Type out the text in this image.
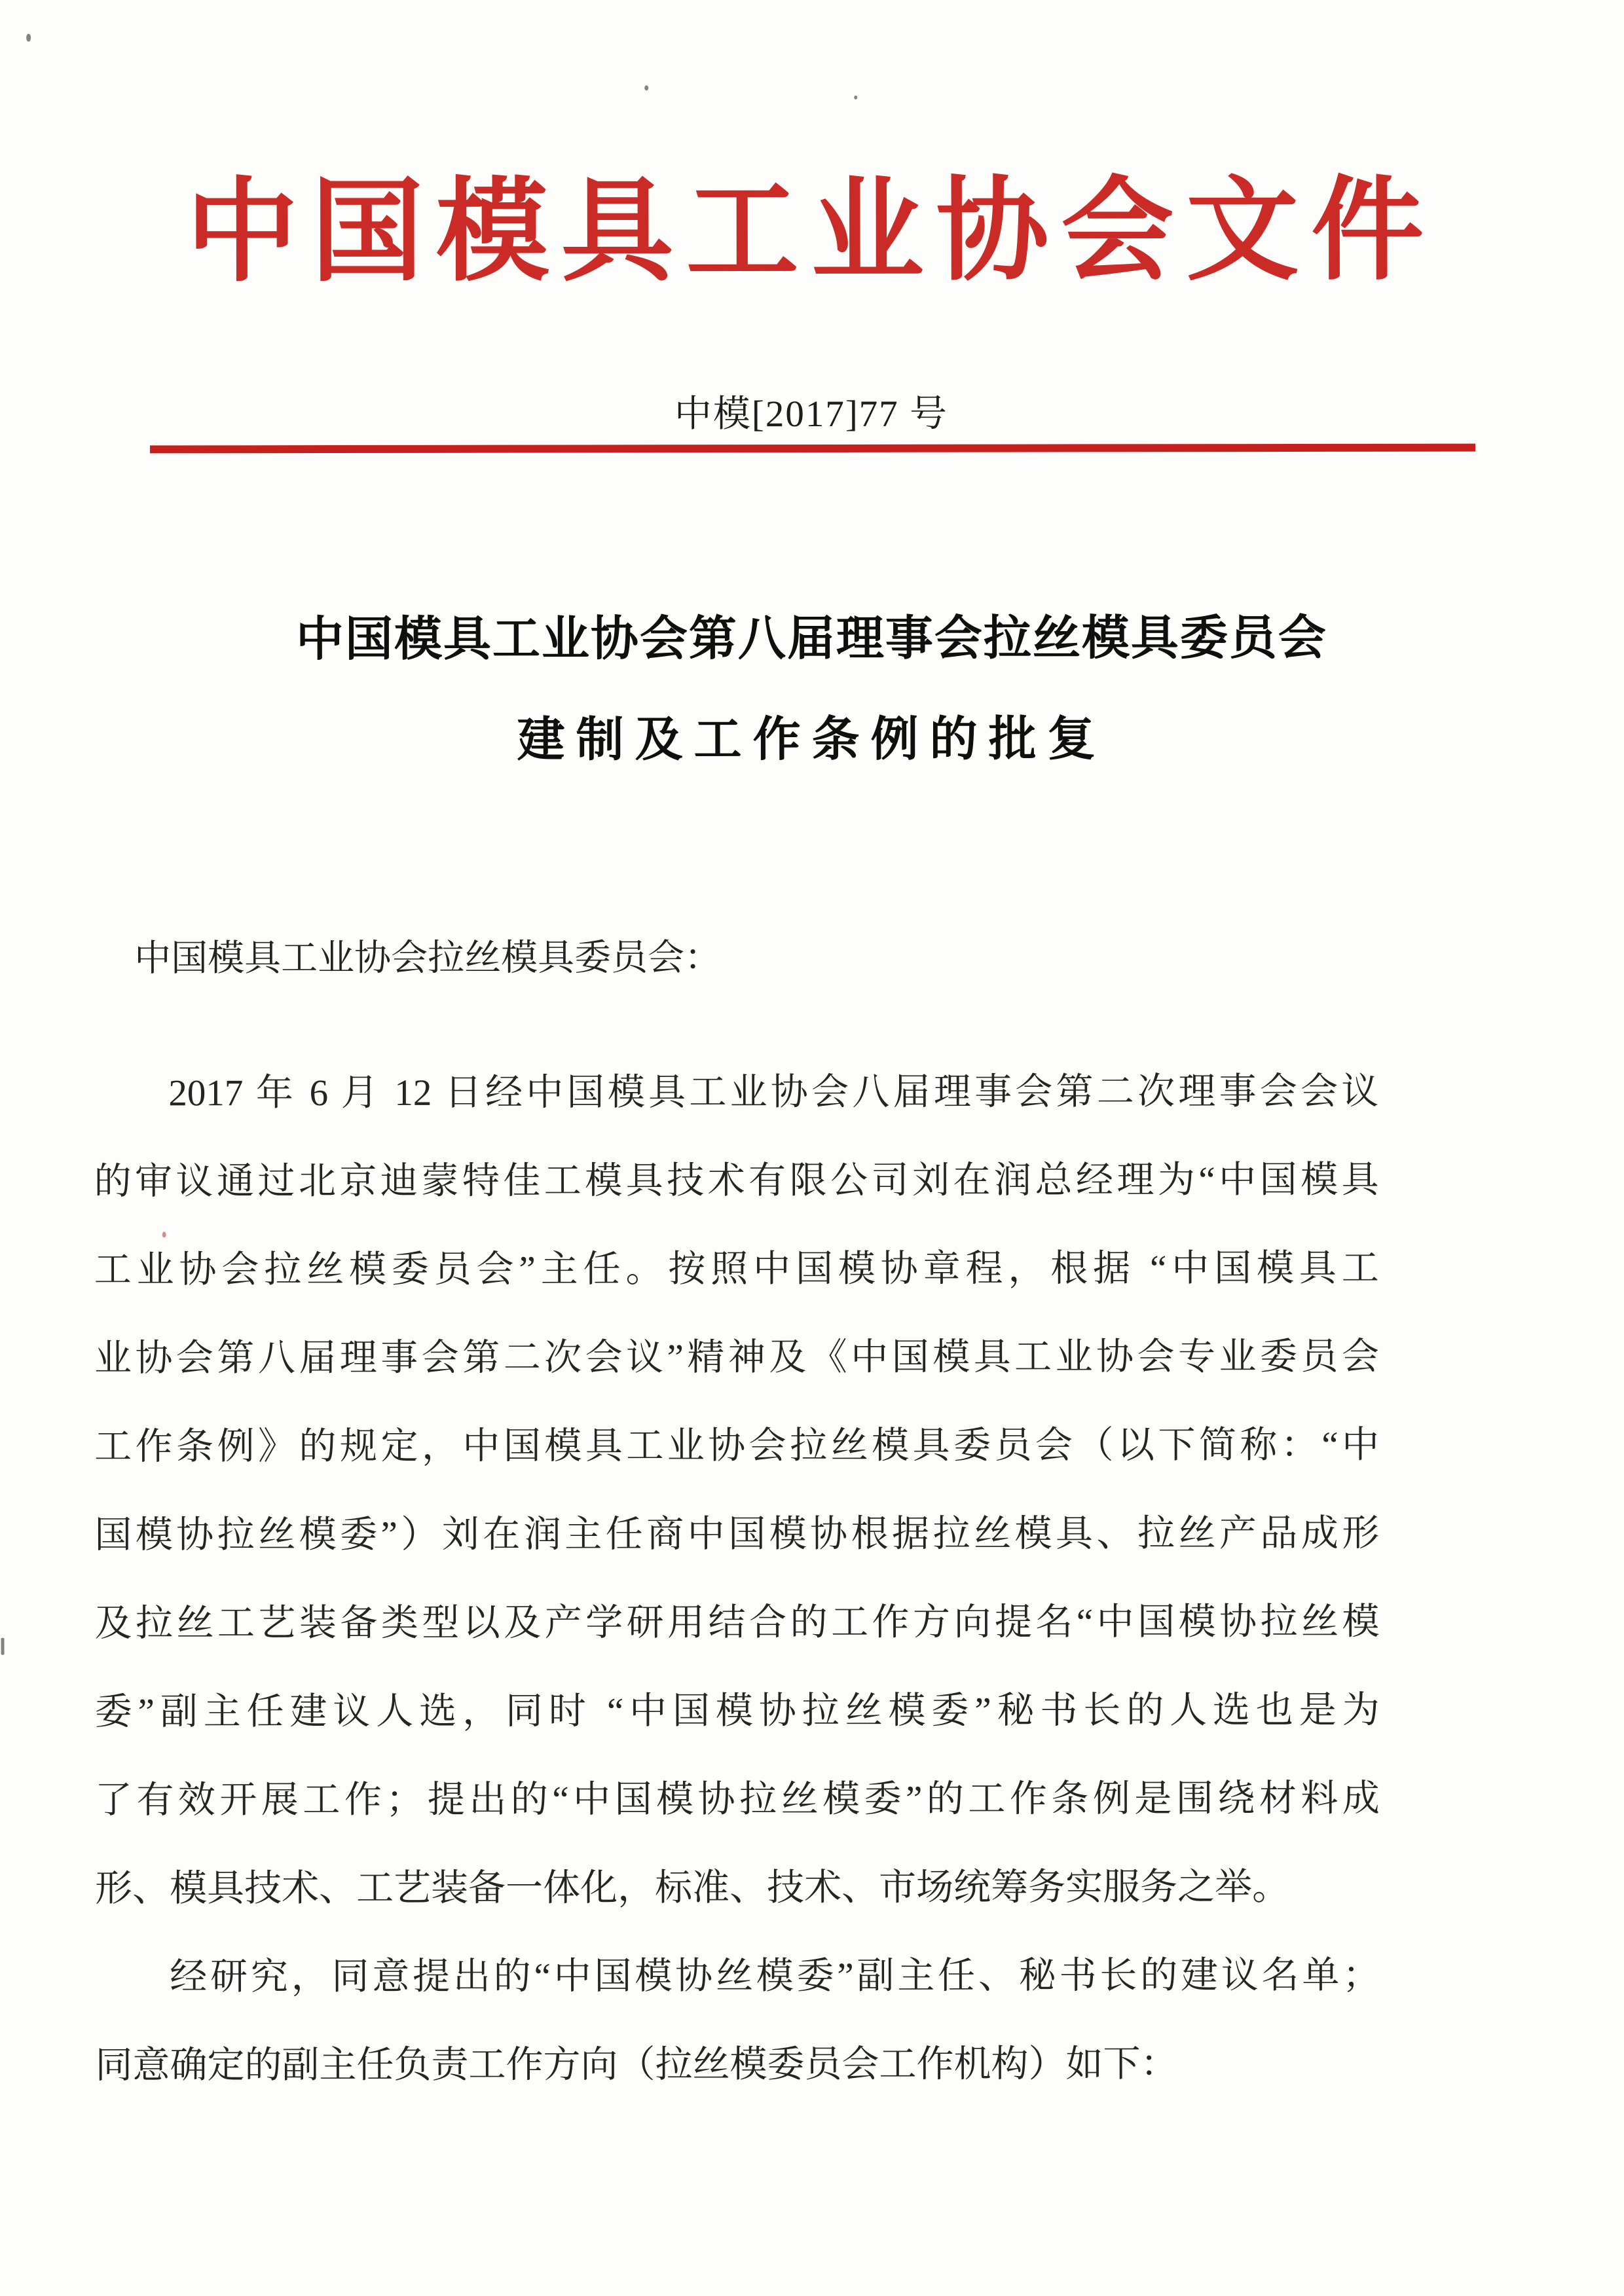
中国模具工业协会文件
中模[2017]77 号
中国模具工业协会第八届理事会拉丝模具委员会
建制及工作条例的批复
中国模具工业协会拉丝模具委员会：
2017 年 6 月 12 日经中国模具工业协会八届理事会第二次理事会会议
的审议通过北京迪蒙特佳工模具技术有限公司刘在润总经理为“中国模具
工业协会拉丝模委员会”主任。按照中国模协章程，根据 “中国模具工
业协会第八届理事会第二次会议”精神及《中国模具工业协会专业委员会
工作条例》的规定，中国模具工业协会拉丝模具委员会（以下简称：“中
国模协拉丝模委”）刘在润主任商中国模协根据拉丝模具、拉丝产品成形
及拉丝工艺装备类型以及产学研用结合的工作方向提名“中国模协拉丝模
委”副主任建议人选，同时 “中国模协拉丝模委”秘书长的人选也是为
了有效开展工作；提出的“中国模协拉丝模委”的工作条例是围绕材料成
形、模具技术、工艺装备一体化，标准、技术、市场统筹务实服务之举。
经研究，同意提出的“中国模协丝模委”副主任、秘书长的建议名单；
同意确定的副主任负责工作方向（拉丝模委员会工作机构）如下：
